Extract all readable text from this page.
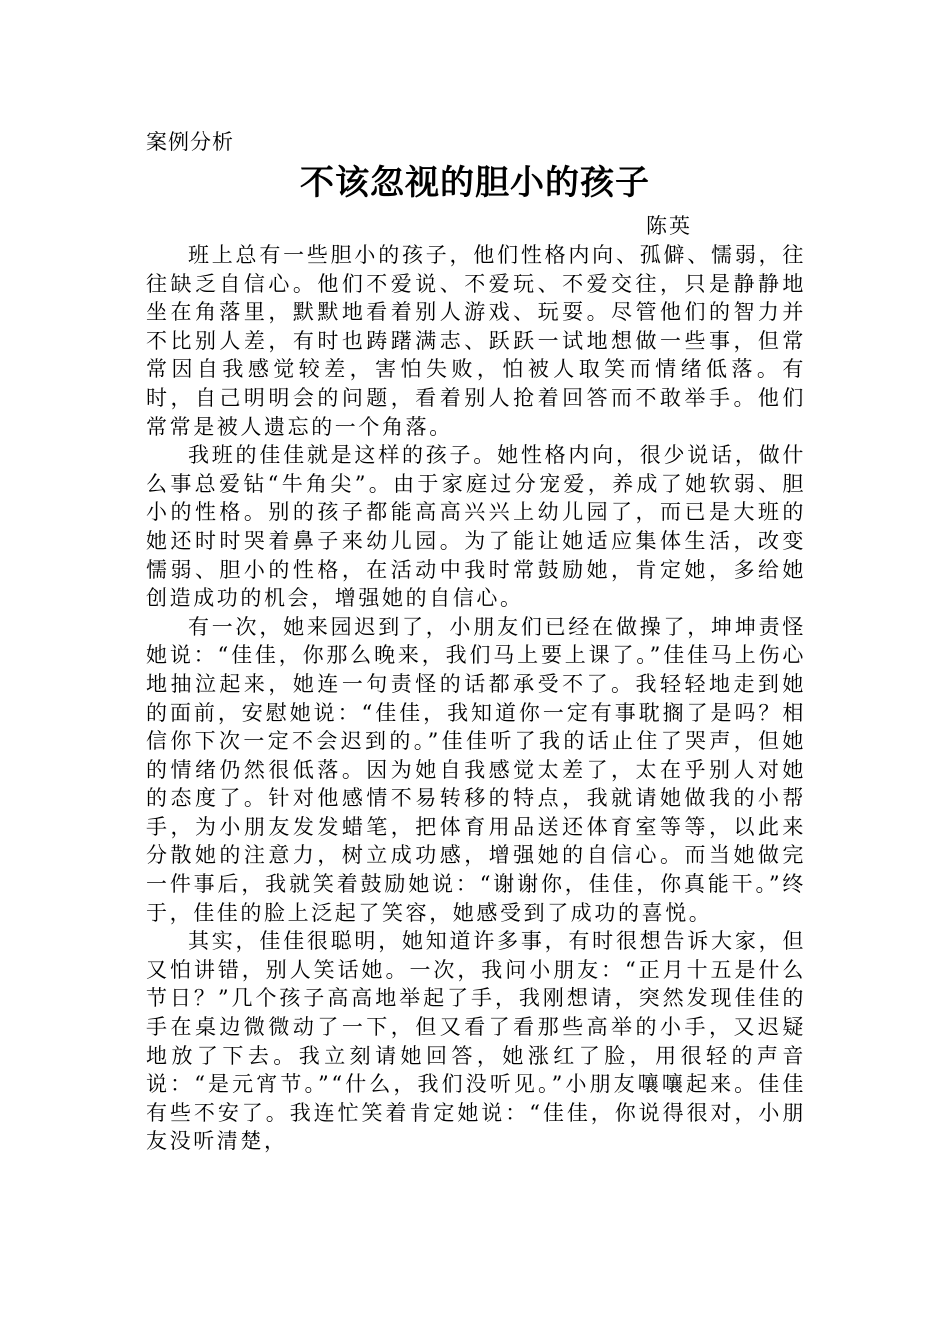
案例分析
不该忽视的胆小的孩子
陈英

班上总有一些胆小的孩子，他们性格内向、孤僻、懦弱，往往缺乏自信心。他们不爱说、不爱玩、不爱交往，只是静静地坐在角落里，默默地看着别人游戏、玩耍。尽管他们的智力并不比别人差，有时也踌躇满志、跃跃一试地想做一些事，但常常因自我感觉较差，害怕失败，怕被人取笑而情绪低落。有时，自己明明会的问题，看着别人抢着回答而不敢举手。他们常常是被人遗忘的一个角落。

我班的佳佳就是这样的孩子。她性格内向，很少说话，做什么事总爱钻“牛角尖”。由于家庭过分宠爱，养成了她软弱、胆小的性格。别的孩子都能高高兴兴上幼儿园了，而已是大班的她还时时哭着鼻子来幼儿园。为了能让她适应集体生活，改变懦弱、胆小的性格，在活动中我时常鼓励她，肯定她，多给她创造成功的机会，增强她的自信心。

有一次，她来园迟到了，小朋友们已经在做操了，坤坤责怪她说：“佳佳，你那么晚来，我们马上要上课了。”佳佳马上伤心地抽泣起来，她连一句责怪的话都承受不了。我轻轻地走到她的面前，安慰她说：“佳佳，我知道你一定有事耽搁了是吗？相信你下次一定不会迟到的。”佳佳听了我的话止住了哭声，但她的情绪仍然很低落。因为她自我感觉太差了，太在乎别人对她的态度了。针对他感情不易转移的特点，我就请她做我的小帮手，为小朋友发发蜡笔，把体育用品送还体育室等等，以此来分散她的注意力，树立成功感，增强她的自信心。而当她做完一件事后，我就笑着鼓励她说：“谢谢你，佳佳，你真能干。”终于，佳佳的脸上泛起了笑容，她感受到了成功的喜悦。

其实，佳佳很聪明，她知道许多事，有时很想告诉大家，但又怕讲错，别人笑话她。一次，我问小朋友：“正月十五是什么节日？”几个孩子高高地举起了手，我刚想请，突然发现佳佳的手在桌边微微动了一下，但又看了看那些高举的小手，又迟疑地放了下去。我立刻请她回答，她涨红了脸，用很轻的声音说：“是元宵节。”“什么，我们没听见。”小朋友嚷嚷起来。佳佳有些不安了。我连忙笑着肯定她说：“佳佳，你说得很对，小朋友没听清楚，
